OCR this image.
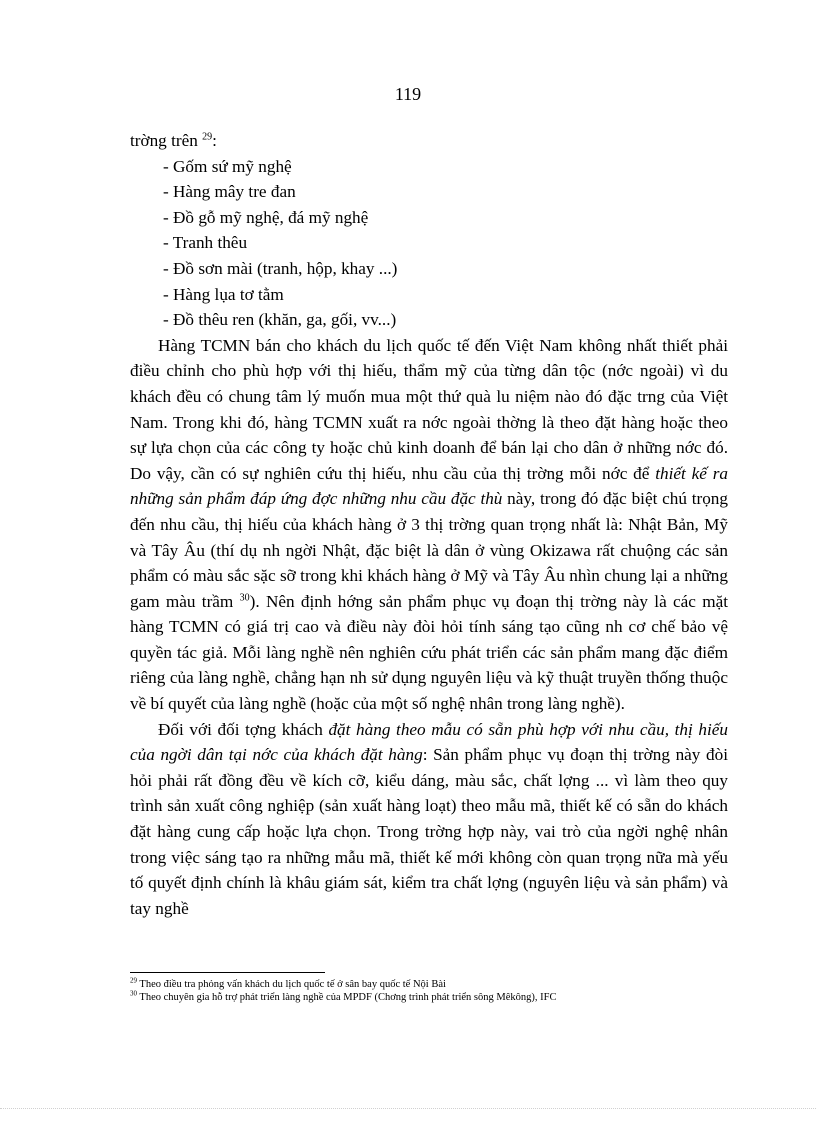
119

trờng trên $^{29}$:

- Gốm sứ mỹ nghệ
- Hàng mây tre đan
- Đồ gỗ mỹ nghệ, đá mỹ nghệ
- Tranh thêu
- Đồ sơn mài (tranh, hộp, khay ...)
- Hàng lụa tơ tằm
- Đồ thêu ren (khăn, ga, gối, vv...)

Hàng TCMN bán cho khách du lịch quốc tế đến Việt Nam không nhất thiết phải điều chỉnh cho phù hợp với thị hiếu, thẩm mỹ của từng dân tộc (nớc ngoài) vì du khách đều có chung tâm lý muốn mua một thứ quà lu niệm nào đó đặc trng của Việt Nam. Trong khi đó, hàng TCMN xuất ra nớc ngoài thờng là theo đặt hàng hoặc theo sự lựa chọn của các công ty hoặc chủ kinh doanh để bán lại cho dân ở những nớc đó. Do vậy, cần có sự nghiên cứu thị hiếu, nhu cầu của thị trờng mỗi nớc để thiết kế ra những sản phẩm đáp ứng đợc những nhu cầu đặc thù này, trong đó đặc biệt chú trọng đến nhu cầu, thị hiếu của khách hàng ở 3 thị trờng quan trọng nhất là: Nhật Bản, Mỹ và Tây Âu (thí dụ nh ngời Nhật, đặc biệt là dân ở vùng Okizawa rất chuộng các sản phẩm có màu sắc sặc sỡ trong khi khách hàng ở Mỹ và Tây Âu nhìn chung lại a những gam màu trầm $^{30}$). Nên định hớng sản phẩm phục vụ đoạn thị trờng này là các mặt hàng TCMN có giá trị cao và điều này đòi hỏi tính sáng tạo cũng nh cơ chế bảo vệ quyền tác giả. Mỗi làng nghề nên nghiên cứu phát triển các sản phẩm mang đặc điểm riêng của làng nghề, chẳng hạn nh sử dụng nguyên liệu và kỹ thuật truyền thống thuộc về bí quyết của làng nghề (hoặc của một số nghệ nhân trong làng nghề).

Đối với đối tợng khách đặt hàng theo mẫu có sẵn phù hợp với nhu cầu, thị hiếu của ngời dân tại nớc của khách đặt hàng: Sản phẩm phục vụ đoạn thị trờng này đòi hỏi phải rất đồng đều về kích cỡ, kiểu dáng, màu sắc, chất lợng ... vì làm theo quy trình sản xuất công nghiệp (sản xuất hàng loạt) theo mẫu mã, thiết kế có sẵn do khách đặt hàng cung cấp hoặc lựa chọn. Trong trờng hợp này, vai trò của ngời nghệ nhân trong việc sáng tạo ra những mẫu mã, thiết kế mới không còn quan trọng nữa mà yếu tố quyết định chính là khâu giám sát, kiểm tra chất lợng (nguyên liệu và sản phẩm) và tay nghề

$^{29}$ Theo điều tra phỏng vấn khách du lịch quốc tế ở sân bay quốc tế Nội Bài
$^{30}$ Theo chuyên gia hỗ trợ phát triển làng nghề của MPDF (Chơng trình phát triển sông Mêkông), IFC
